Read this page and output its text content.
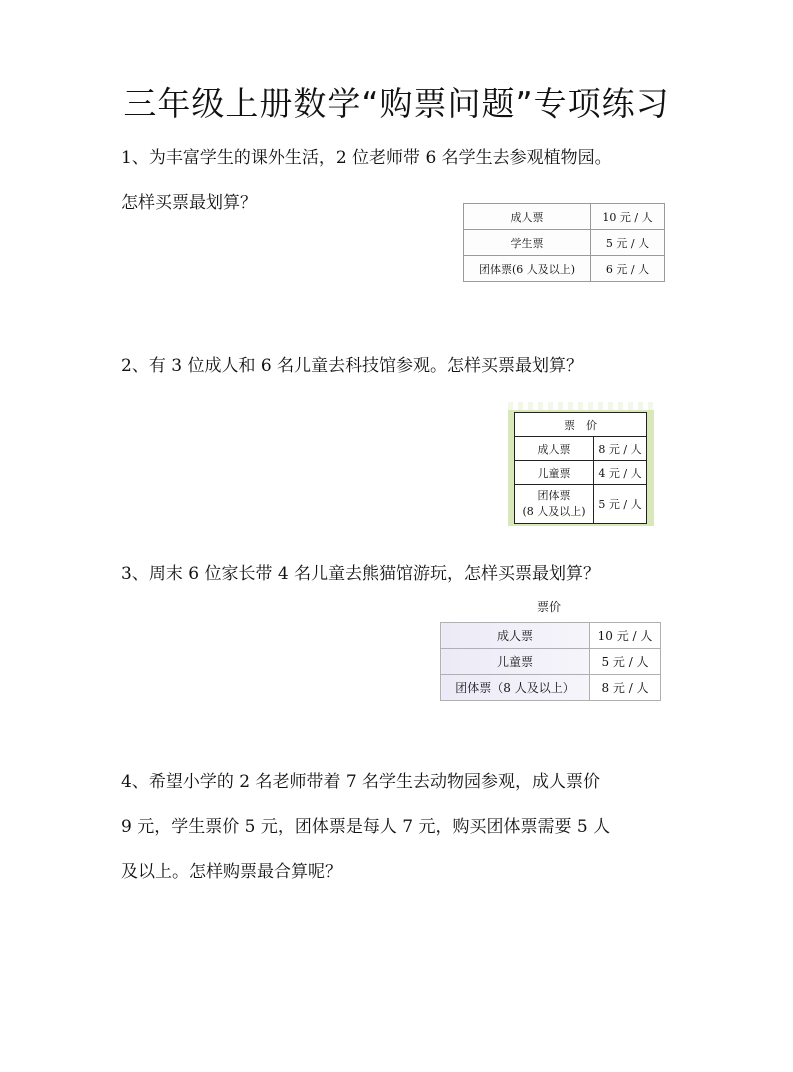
三年级上册数学“购票问题”专项练习
1、为丰富学生的课外生活，2 位老师带 6 名学生去参观植物园。
怎样买票最划算？
成人票	10 元 / 人
学生票	5 元 / 人
团体票(6 人及以上)	6 元 / 人
2、有 3 位成人和 6 名儿童去科技馆参观。怎样买票最划算？
票　价	
成人票	8 元 / 人
儿童票	4 元 / 人
团体票
(8 人及以上)	5 元 / 人
3、周末 6 位家长带 4 名儿童去熊猫馆游玩，怎样买票最划算？
票价
成人票	10 元 / 人
儿童票	5 元 / 人
团体票（8 人及以上）	8 元 / 人
4、希望小学的 2 名老师带着 7 名学生去动物园参观，成人票价
9 元，学生票价 5 元，团体票是每人 7 元，购买团体票需要 5 人
及以上。怎样购票最合算呢？
